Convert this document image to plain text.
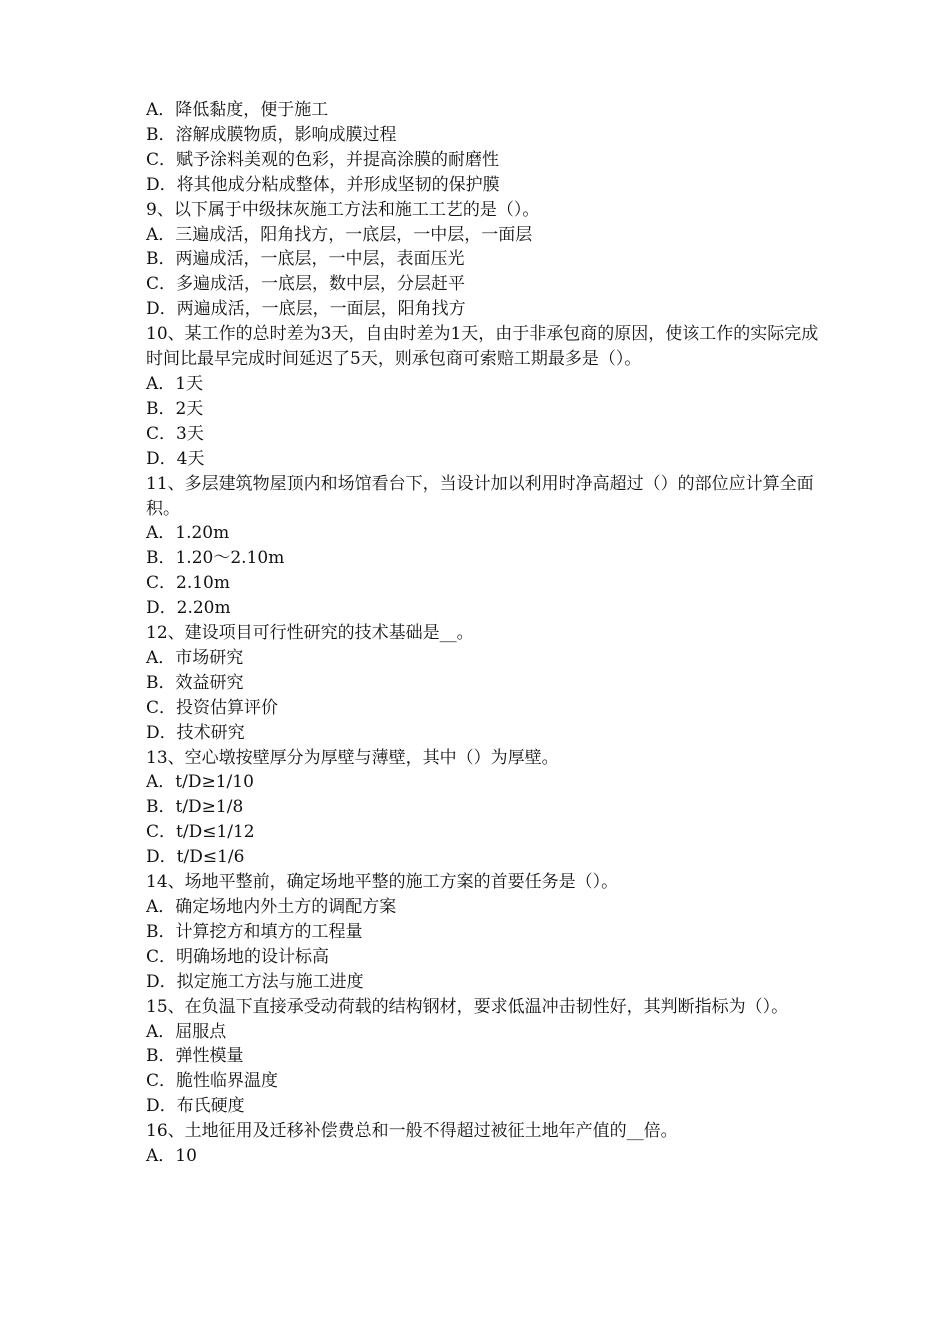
A．降低黏度，便于施工
B．溶解成膜物质，影响成膜过程
C．赋予涂料美观的色彩，并提高涂膜的耐磨性
D．将其他成分粘成整体，并形成坚韧的保护膜
9、以下属于中级抹灰施工方法和施工工艺的是（）。
A．三遍成活，阳角找方，一底层，一中层，一面层
B．两遍成活，一底层，一中层，表面压光
C．多遍成活，一底层，数中层，分层赶平
D．两遍成活，一底层，一面层，阳角找方
10、某工作的总时差为3天，自由时差为1天，由于非承包商的原因，使该工作的实际完成时间比最早完成时间延迟了5天，则承包商可索赔工期最多是（）。
A．1天
B．2天
C．3天
D．4天
11、多层建筑物屋顶内和场馆看台下，当设计加以利用时净高超过（）的部位应计算全面积。
A．1.20m
B．1.20～2.10m
C．2.10m
D．2.20m
12、建设项目可行性研究的技术基础是__。
A．市场研究
B．效益研究
C．投资估算评价
D．技术研究
13、空心墩按壁厚分为厚壁与薄壁，其中（）为厚壁。
A．t/D≥1/10
B．t/D≥1/8
C．t/D≤1/12
D．t/D≤1/6
14、场地平整前，确定场地平整的施工方案的首要任务是（）。
A．确定场地内外土方的调配方案
B．计算挖方和填方的工程量
C．明确场地的设计标高
D．拟定施工方法与施工进度
15、在负温下直接承受动荷载的结构钢材，要求低温冲击韧性好，其判断指标为（）。
A．屈服点
B．弹性模量
C．脆性临界温度
D．布氏硬度
16、土地征用及迁移补偿费总和一般不得超过被征土地年产值的__倍。
A．10
